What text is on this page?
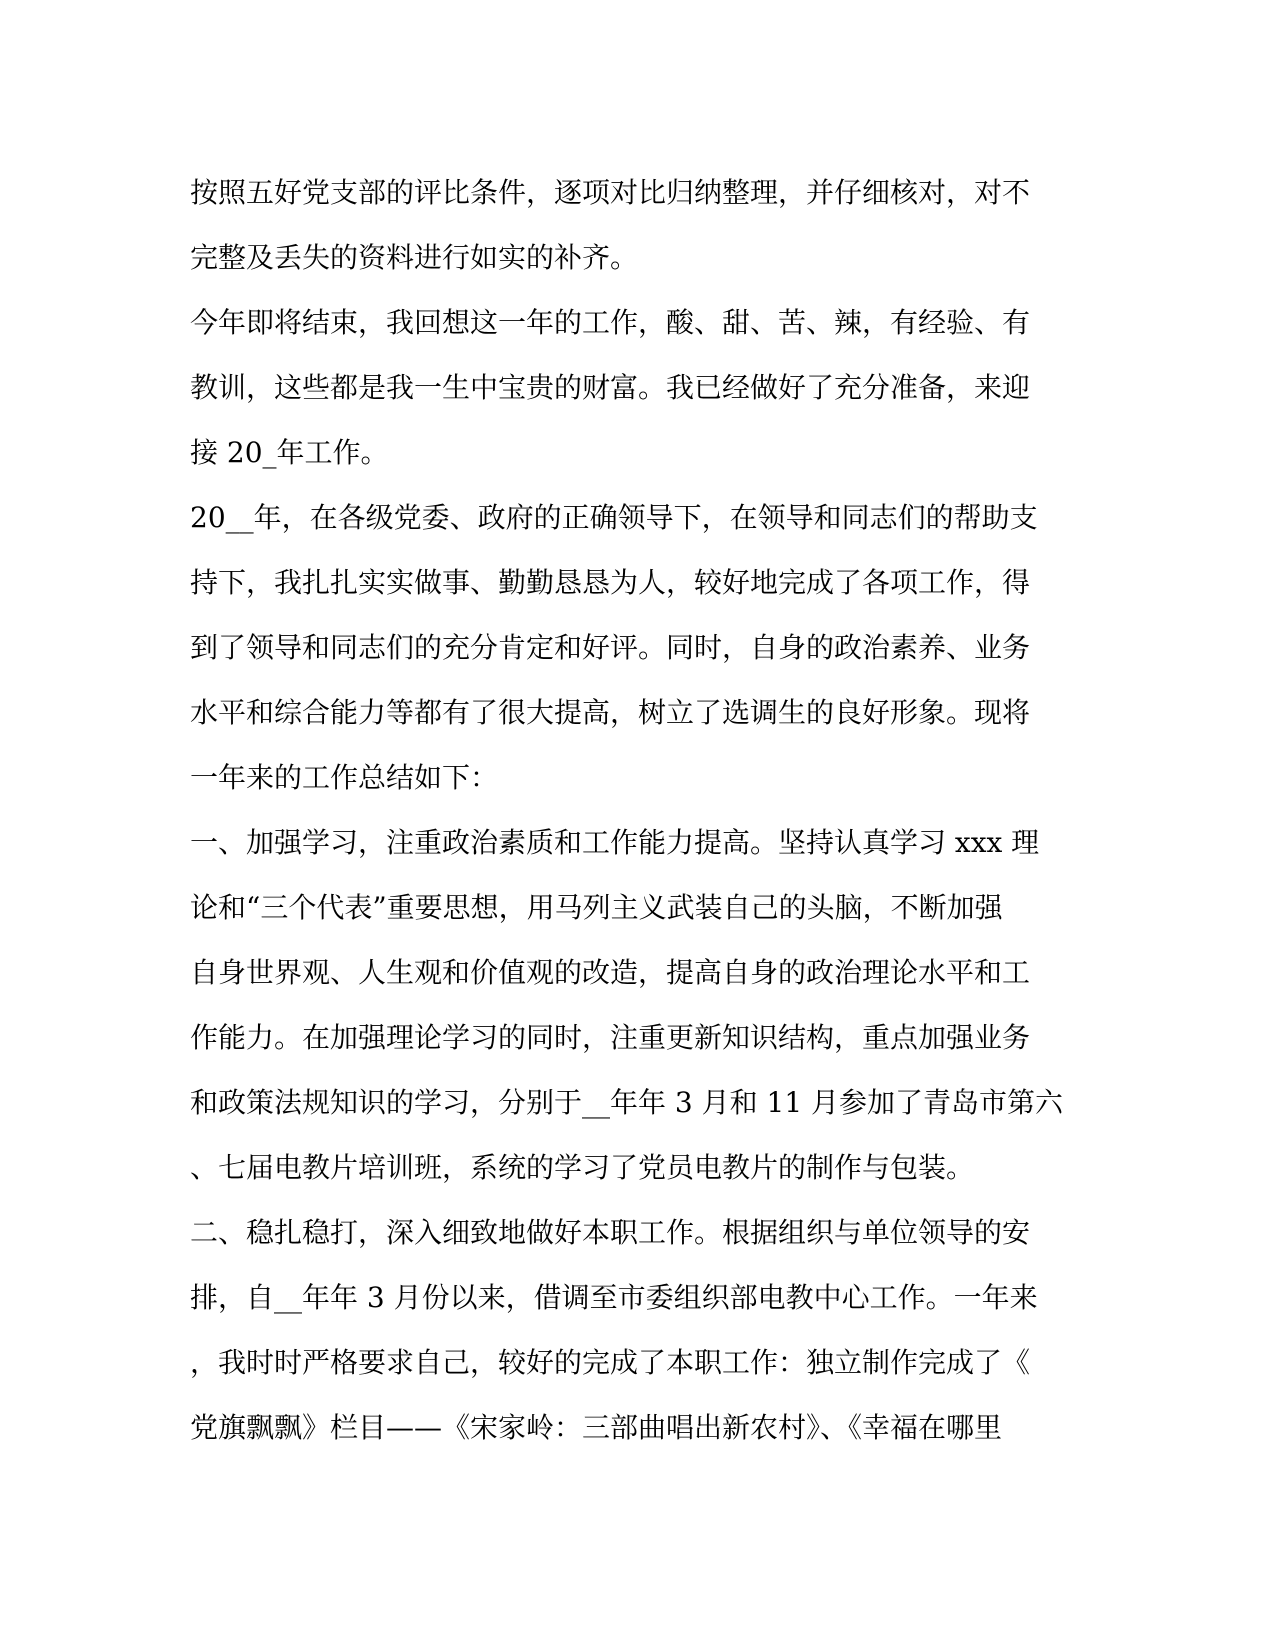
按照五好党支部的评比条件，逐项对比归纳整理，并仔细核对，对不
完整及丢失的资料进行如实的补齐。
今年即将结束，我回想这一年的工作，酸、甜、苦、辣，有经验、有
教训，这些都是我一生中宝贵的财富。我已经做好了充分准备，来迎
接 20_年工作。
20__年，在各级党委、政府的正确领导下，在领导和同志们的帮助支
持下，我扎扎实实做事、勤勤恳恳为人，较好地完成了各项工作，得
到了领导和同志们的充分肯定和好评。同时，自身的政治素养、业务
水平和综合能力等都有了很大提高，树立了选调生的良好形象。现将
一年来的工作总结如下：
一、加强学习，注重政治素质和工作能力提高。坚持认真学习 xxx 理
论和“三个代表”重要思想，用马列主义武装自己的头脑，不断加强
自身世界观、人生观和价值观的改造，提高自身的政治理论水平和工
作能力。在加强理论学习的同时，注重更新知识结构，重点加强业务
和政策法规知识的学习，分别于__年年 3 月和 11 月参加了青岛市第六
、七届电教片培训班，系统的学习了党员电教片的制作与包装。
二、稳扎稳打，深入细致地做好本职工作。根据组织与单位领导的安
排，自__年年 3 月份以来，借调至市委组织部电教中心工作。一年来
，我时时严格要求自己，较好的完成了本职工作：独立制作完成了《
党旗飘飘》栏目——《宋家岭：三部曲唱出新农村》、《幸福在哪里
